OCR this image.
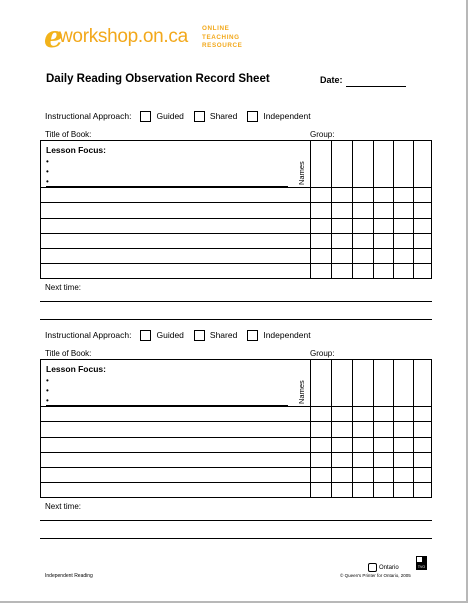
e
workshop.on.ca ONLINE
TEACHING
RESOURCE
Daily Reading Observation Record Sheet	Date:
Instructional Approach:	Guided	Shared	Independent
Title of Book:	Group:
Lesson Focus:
•
•
•	Names
Next time:
Instructional Approach:	Guided	Shared	Independent
Title of Book:	Group:
Lesson Focus:
•
•
•	Names
Next time:
Independent Reading
Ontario
© Queen's Printer for Ontario, 2005
TVO
